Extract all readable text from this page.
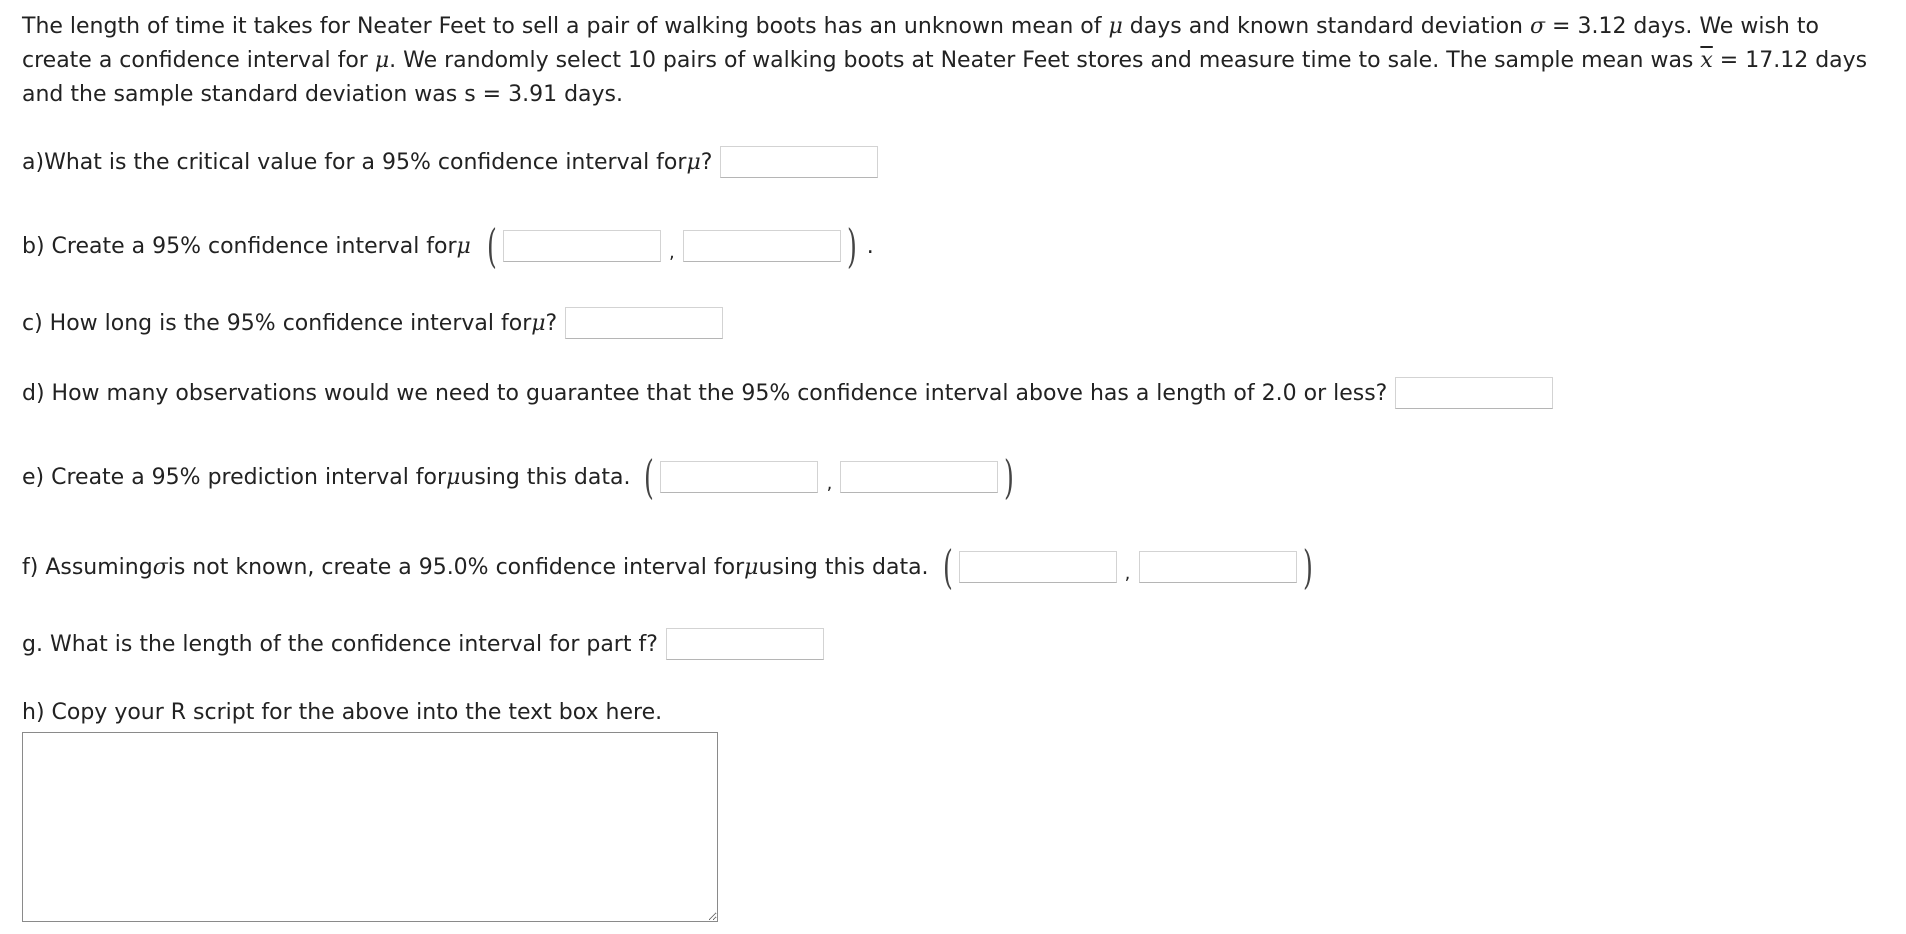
The length of time it takes for Neater Feet to sell a pair of walking boots has an unknown mean of μ days and known standard deviation σ = 3.12 days. We wish to create a confidence interval for μ. We randomly select 10 pairs of walking boots at Neater Feet stores and measure time to sale. The sample mean was $\overline{x} = 17.12$ days and the sample standard deviation was s = 3.91 days.

a)What is the critical value for a 95% confidence interval for μ ?
b) Create a 95% confidence interval for μ (	,	) .
c) How long is the 95% confidence interval for μ ?
d) How many observations would we need to guarantee that the 95% confidence interval above has a length of 2.0 or less?
e) Create a 95% prediction interval for μ using this data. (	,	)
f) Assuming σ is not known, create a 95.0% confidence interval for μ using this data. (	,	)
g. What is the length of the confidence interval for part f?
h) Copy your R script for the above into the text box here.
